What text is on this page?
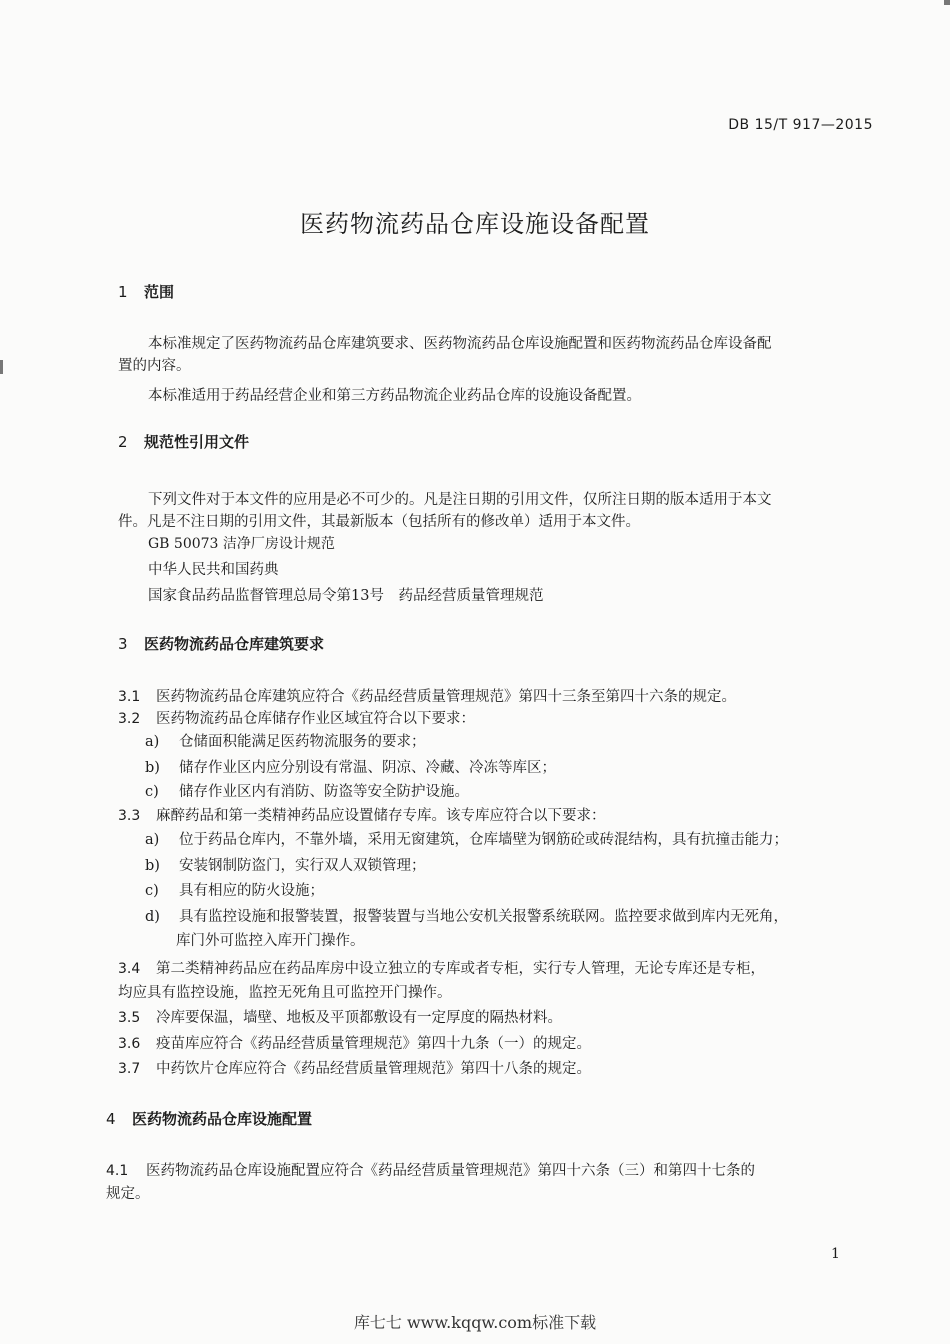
DB 15/T 917—2015
医药物流药品仓库设施设备配置
1 范围
本标准规定了医药物流药品仓库建筑要求、医药物流药品仓库设施配置和医药物流药品仓库设备配
置的内容。
本标准适用于药品经营企业和第三方药品物流企业药品仓库的设施设备配置。
2 规范性引用文件
下列文件对于本文件的应用是必不可少的。凡是注日期的引用文件，仅所注日期的版本适用于本文
件。凡是不注日期的引用文件，其最新版本（包括所有的修改单）适用于本文件。
GB 50073 洁净厂房设计规范
中华人民共和国药典
国家食品药品监督管理总局令第13号　药品经营质量管理规范
3 医药物流药品仓库建筑要求
3.1 医药物流药品仓库建筑应符合《药品经营质量管理规范》第四十三条至第四十六条的规定。
3.2 医药物流药品仓库储存作业区域宜符合以下要求：
a) 仓储面积能满足医药物流服务的要求；
b) 储存作业区内应分别设有常温、阴凉、冷藏、冷冻等库区；
c) 储存作业区内有消防、防盗等安全防护设施。
3.3 麻醉药品和第一类精神药品应设置储存专库。该专库应符合以下要求：
a) 位于药品仓库内，不靠外墙，采用无窗建筑，仓库墙壁为钢筋砼或砖混结构，具有抗撞击能力；
b) 安装钢制防盗门，实行双人双锁管理；
c) 具有相应的防火设施；
d) 具有监控设施和报警装置，报警装置与当地公安机关报警系统联网。监控要求做到库内无死角，
库门外可监控入库开门操作。
3.4 第二类精神药品应在药品库房中设立独立的专库或者专柜，实行专人管理，无论专库还是专柜，
均应具有监控设施，监控无死角且可监控开门操作。
3.5 冷库要保温，墙壁、地板及平顶都敷设有一定厚度的隔热材料。
3.6 疫苗库应符合《药品经营质量管理规范》第四十九条（一）的规定。
3.7 中药饮片仓库应符合《药品经营质量管理规范》第四十八条的规定。
4 医药物流药品仓库设施配置
4.1 医药物流药品仓库设施配置应符合《药品经营质量管理规范》第四十六条（三）和第四十七条的
规定。
1
库七七 www.kqqw.com标准下载
